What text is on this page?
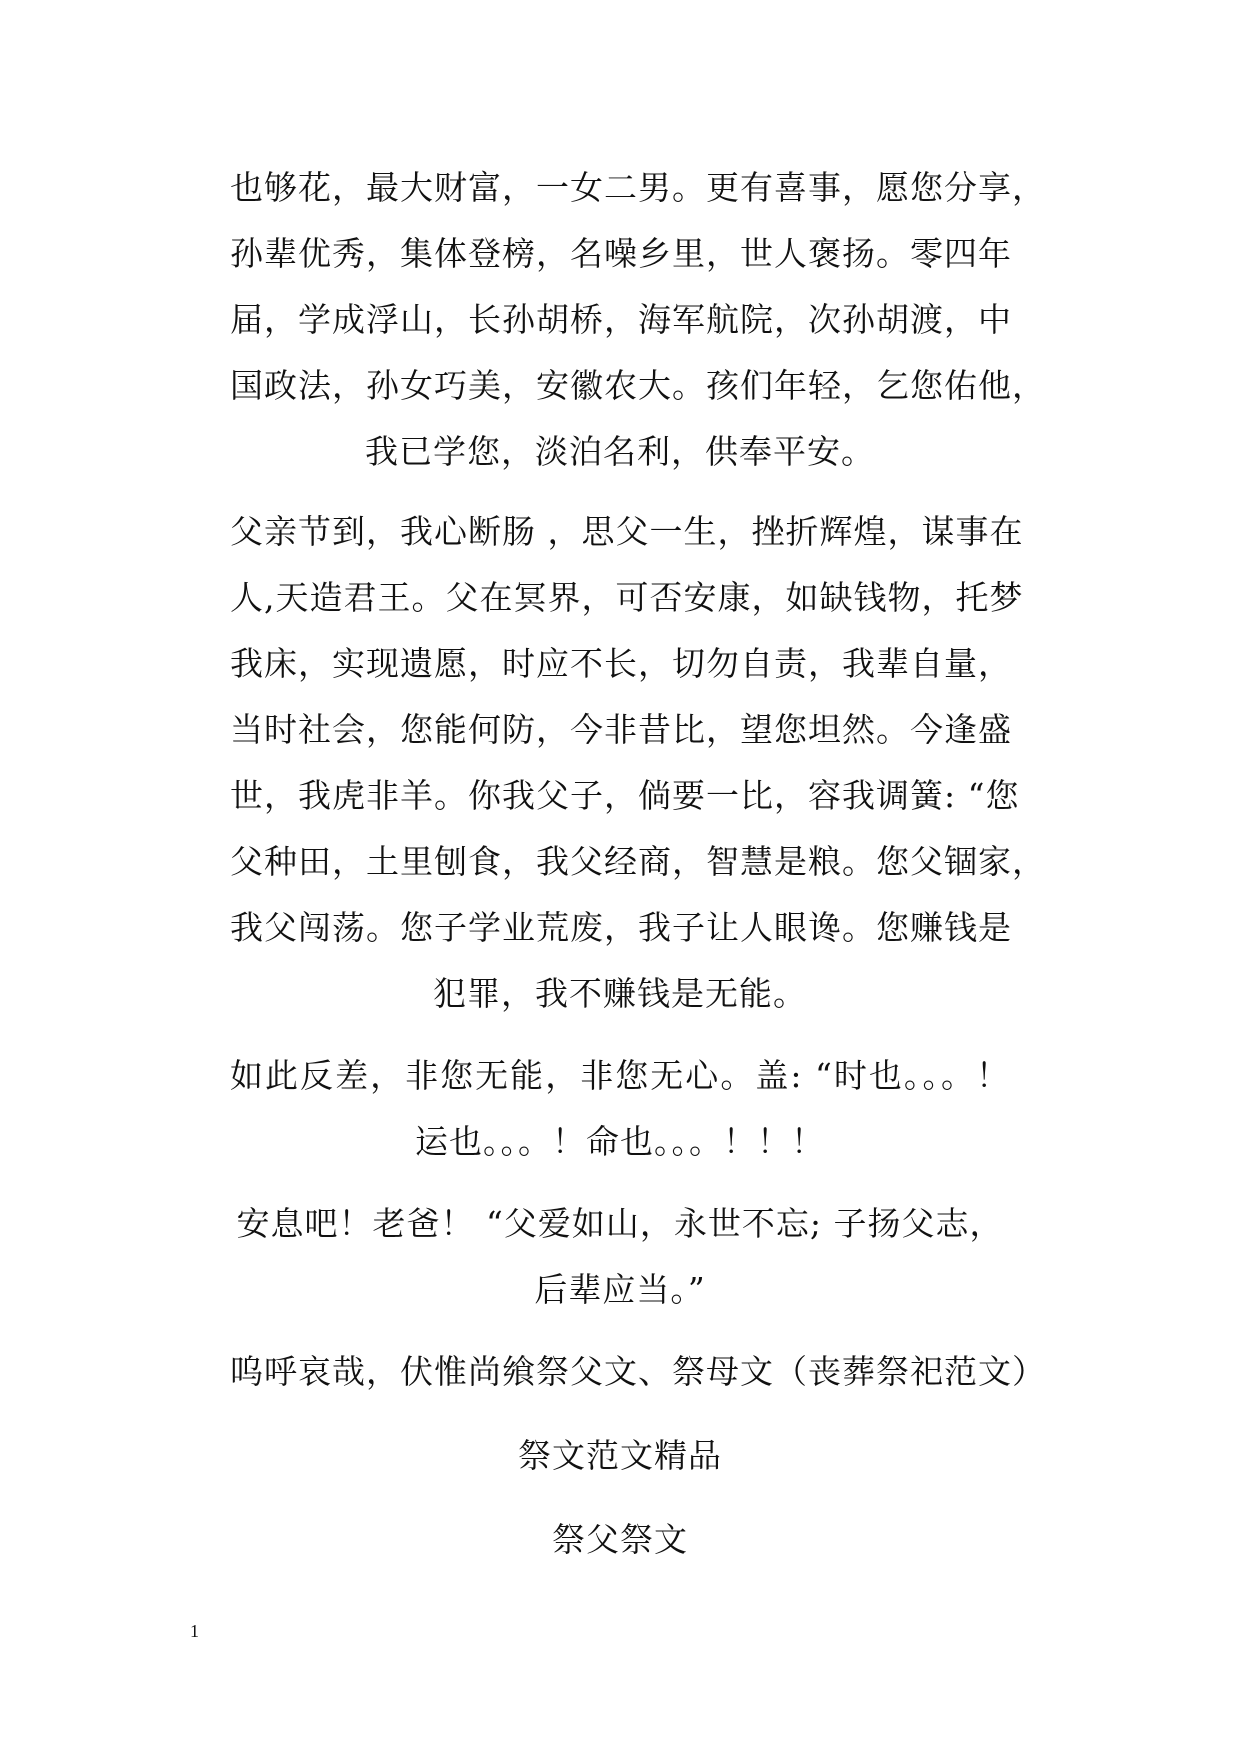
也够花，最大财富，一女二男。更有喜事，愿您分享，
孙辈优秀，集体登榜，名噪乡里，世人褒扬。零四年
届，学成浮山，长孙胡桥，海军航院，次孙胡渡，中
国政法，孙女巧美，安徽农大。孩们年轻，乞您佑他，
我已学您，淡泊名利，供奉平安。
父亲节到，我心断肠 ，思父一生，挫折辉煌，谋事在
人,天造君王。父在冥界，可否安康，如缺钱物，托梦
我床，实现遗愿，时应不长，切勿自责，我辈自量，
当时社会，您能何防，今非昔比，望您坦然。今逢盛
世，我虎非羊。你我父子，倘要一比，容我调簧: “您
父种田，土里刨食，我父经商，智慧是粮。您父锢家，
我父闯荡。您子学业荒废，我子让人眼谗。您赚钱是
犯罪，我不赚钱是无能。
如此反差，非您无能，非您无心。盖: “时也。。。！
运也。。。！命也。。。！！！
安息吧！老爸！ “父爱如山，永世不忘; 子扬父志，
后辈应当。”
呜呼哀哉，伏惟尚飨祭父文、祭母文（丧葬祭祀范文）
祭文范文精品
祭父祭文
1
